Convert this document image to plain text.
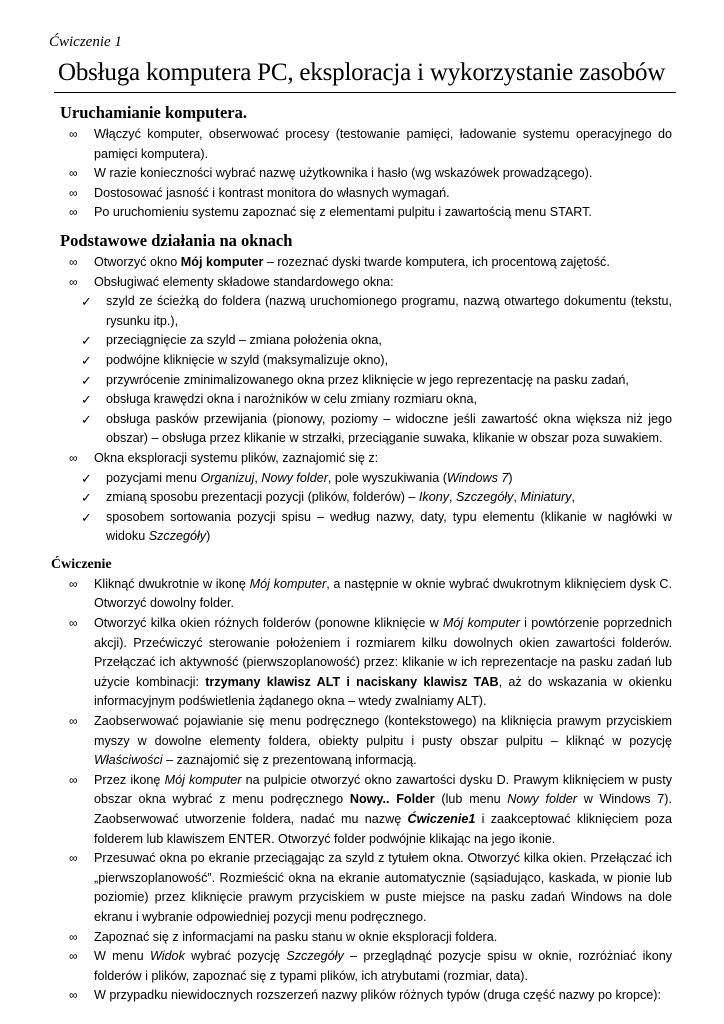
Ćwiczenie 1
Obsługa komputera PC, eksploracja i wykorzystanie zasobów
Uruchamianie komputera.
∞ Włączyć komputer, obserwować procesy (testowanie pamięci, ładowanie systemu operacyjnego do pamięci komputera).
∞ W razie konieczności wybrać nazwę użytkownika i hasło (wg wskazówek prowadzącego).
∞ Dostosować jasność i kontrast monitora do własnych wymagań.
∞ Po uruchomieniu systemu zapoznać się z elementami pulpitu i zawartością menu START.
Podstawowe działania na oknach
∞ Otworzyć okno Mój komputer – rozeznać dyski twarde komputera, ich procentową zajętość.
∞ Obsługiwać elementy składowe standardowego okna:
✓ szyld ze ścieżką do foldera (nazwą uruchomionego programu, nazwą otwartego dokumentu (tekstu, rysunku itp.),
✓ przeciągnięcie za szyld – zmiana położenia okna,
✓ podwójne kliknięcie w szyld (maksymalizuje okno),
✓ przywrócenie zminimalizowanego okna przez kliknięcie w jego reprezentację na pasku zadań,
✓ obsługa krawędzi okna i narożników w celu zmiany rozmiaru okna,
✓ obsługa pasków przewijania (pionowy, poziomy – widoczne jeśli zawartość okna większa niż jego obszar) – obsługa przez klikanie w strzałki, przeciąganie suwaka, klikanie w obszar poza suwakiem.
∞ Okna eksploracji systemu plików, zaznajomić się z:
✓ pozycjami menu Organizuj, Nowy folder, pole wyszukiwania (Windows 7)
✓ zmianą sposobu prezentacji pozycji (plików, folderów) – Ikony, Szczegóły, Miniatury,
✓ sposobem sortowania pozycji spisu – według nazwy, daty, typu elementu (klikanie w nagłówki w widoku Szczegóły)
Ćwiczenie
∞ Kliknąć dwukrotnie w ikonę Mój komputer, a następnie w oknie wybrać dwukrotnym kliknięciem dysk C. Otworzyć dowolny folder.
∞ Otworzyć kilka okien różnych folderów (ponowne kliknięcie w Mój komputer i powtórzenie poprzednich akcji). Przećwiczyć sterowanie położeniem i rozmiarem kilku dowolnych okien zawartości folderów. Przełączać ich aktywność (pierwszoplanowość) przez: klikanie w ich reprezentacje na pasku zadań lub użycie kombinacji: trzymany klawisz ALT i naciskany klawisz TAB, aż do wskazania w okienku informacyjnym podświetlenia żądanego okna – wtedy zwalniamy ALT).
∞ Zaobserwować pojawianie się menu podręcznego (kontekstowego) na kliknięcia prawym przyciskiem myszy w dowolne elementy foldera, obiekty pulpitu i pusty obszar pulpitu – kliknąć w pozycję Właściwości – zaznajomić się z prezentowaną informacją.
∞ Przez ikonę Mój komputer na pulpicie otworzyć okno zawartości dysku D. Prawym kliknięciem w pusty obszar okna wybrać z menu podręcznego Nowy.. Folder (lub menu Nowy folder w Windows 7). Zaobserwować utworzenie foldera, nadać mu nazwę Ćwiczenie1 i zaakceptować kliknięciem poza folderem lub klawiszem ENTER. Otworzyć folder podwójnie klikając na jego ikonie.
∞ Przesuwać okna po ekranie przeciągając za szyld z tytułem okna. Otworzyć kilka okien. Przełączać ich „pierwszoplanowość”. Rozmieścić okna na ekranie automatycznie (sąsiadująco, kaskada, w pionie lub poziomie) przez kliknięcie prawym przyciskiem w puste miejsce na pasku zadań Windows na dole ekranu i wybranie odpowiedniej pozycji menu podręcznego.
∞ Zapoznać się z informacjami na pasku stanu w oknie eksploracji foldera.
∞ W menu Widok wybrać pozycję Szczegóły – przeglądnąć pozycje spisu w oknie, rozróżniać ikony folderów i plików, zapoznać się z typami plików, ich atrybutami (rozmiar, data).
∞ W przypadku niewidocznych rozszerzeń nazwy plików różnych typów (druga część nazwy po kropce):
